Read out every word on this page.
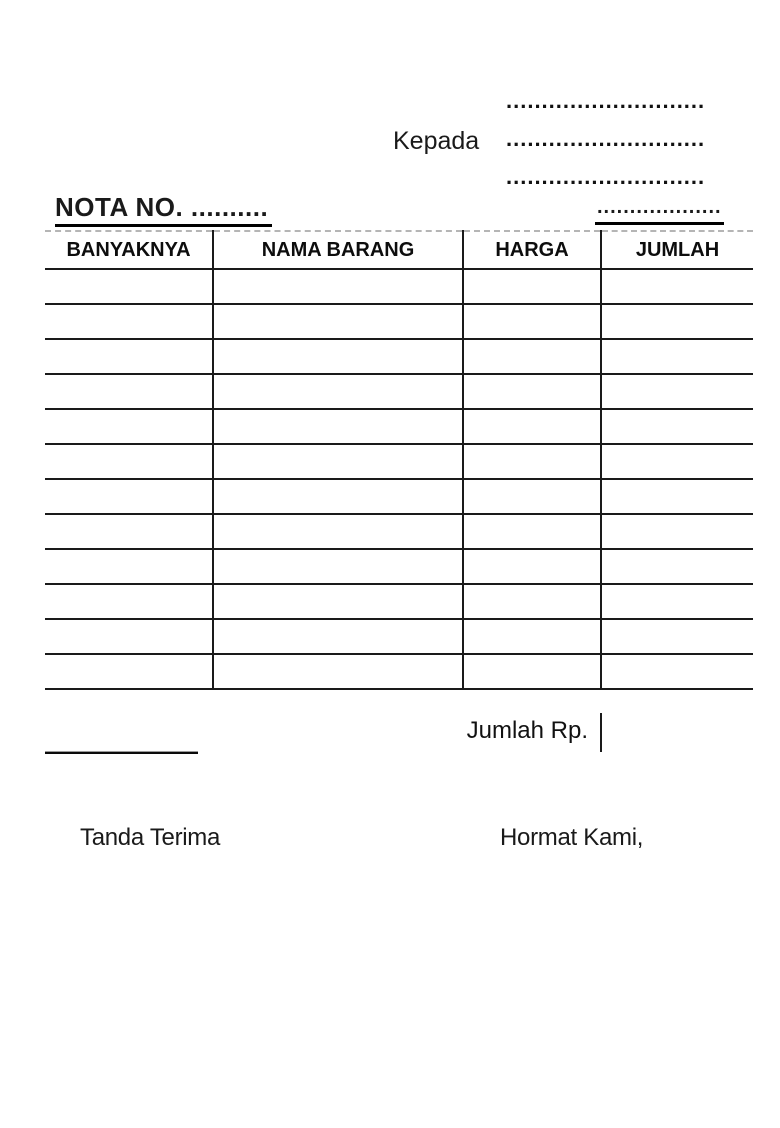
Kepada
............................
............................
............................
NOTA NO. ..........	...................
BANYAKNYA	NAMA BARANG	HARGA	JUMLAH

Jumlah Rp.
Tanda Terima	Hormat Kami,
